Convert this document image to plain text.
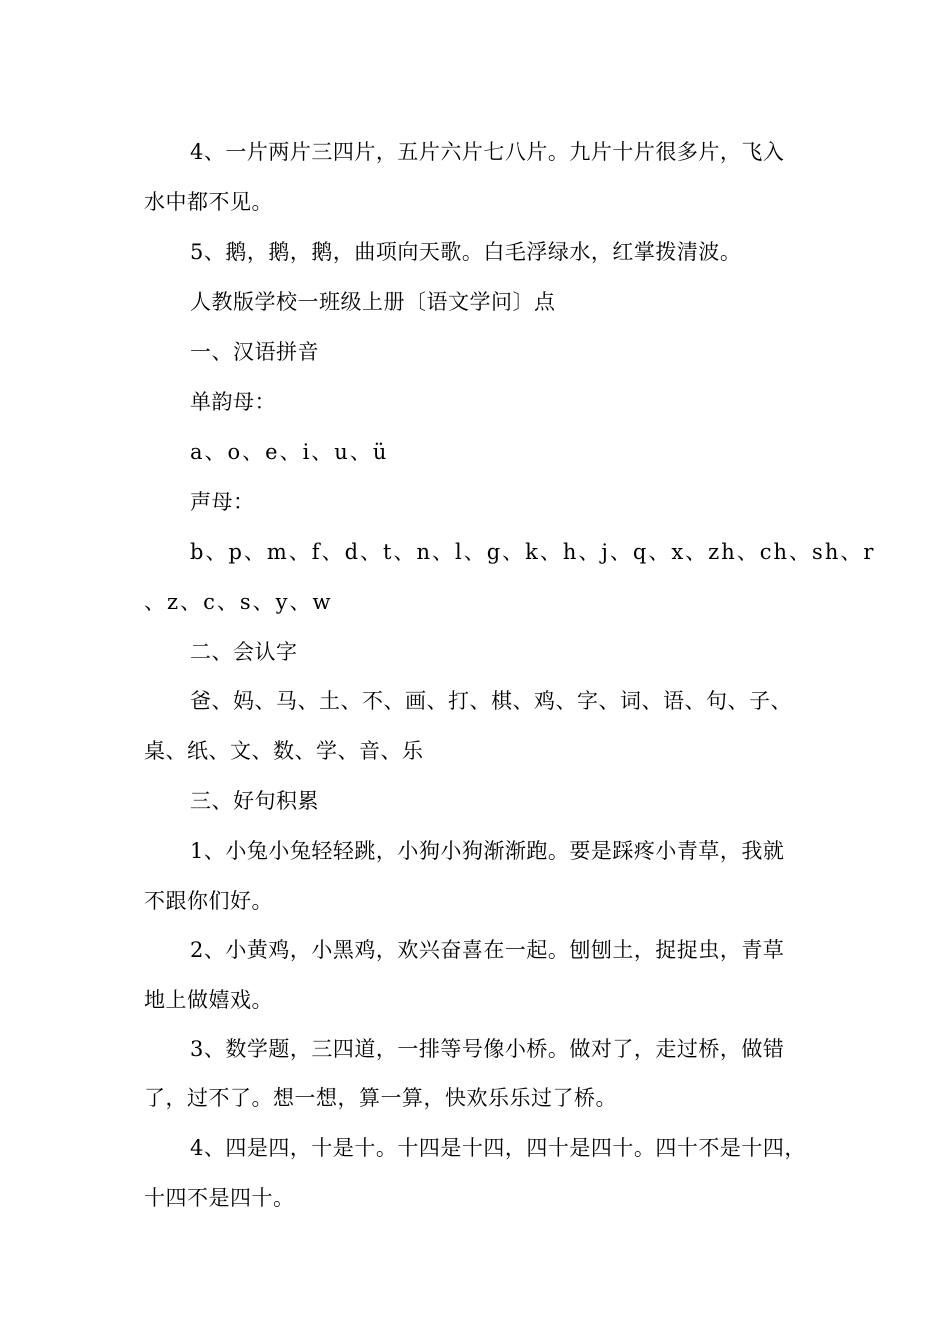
4、一片两片三四片，五片六片七八片。九片十片很多片，飞入
水中都不见。
5、鹅，鹅，鹅，曲项向天歌。白毛浮绿水，红掌拨清波。
人教版学校一班级上册〔语文学问〕点
一、汉语拼音
单韵母：
a、o、e、i、u、ü
声母：
b、p、m、f、d、t、n、l、g、k、h、j、q、x、zh、ch、sh、r
、z、c、s、y、w
二、会认字
爸、妈、马、土、不、画、打、棋、鸡、字、词、语、句、子、
桌、纸、文、数、学、音、乐
三、好句积累
1、小兔小兔轻轻跳，小狗小狗渐渐跑。要是踩疼小青草，我就
不跟你们好。
2、小黄鸡，小黑鸡，欢兴奋喜在一起。刨刨土，捉捉虫，青草
地上做嬉戏。
3、数学题，三四道，一排等号像小桥。做对了，走过桥，做错
了，过不了。想一想，算一算，快欢乐乐过了桥。
4、四是四，十是十。十四是十四，四十是四十。四十不是十四，
十四不是四十。
